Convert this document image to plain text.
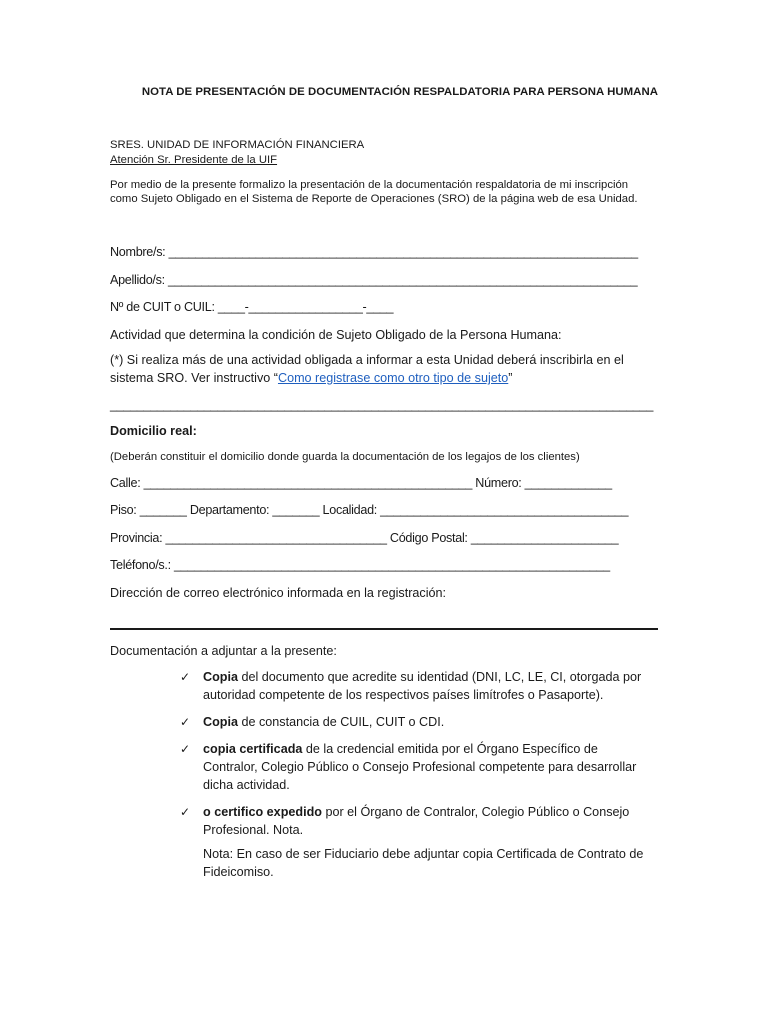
NOTA DE PRESENTACIÓN DE DOCUMENTACIÓN RESPALDATORIA PARA PERSONA HUMANA
SRES. UNIDAD DE INFORMACIÓN FINANCIERA
Atención Sr. Presidente de la UIF
Por medio de la presente formalizo la presentación de la documentación respaldatoria de mi inscripción
como Sujeto Obligado en el Sistema de Reporte de Operaciones (SRO) de la página web de esa Unidad.
Nombre/s: ______________________________________________________________________
Apellido/s: ______________________________________________________________________
Nº de CUIT o CUIL: ____-_________________-____
Actividad que determina la condición de Sujeto Obligado de la Persona Humana:
(*) Si realiza más de una actividad obligada a informar a esta Unidad deberá inscribirla en el
sistema SRO. Ver instructivo “Como registrase como otro tipo de sujeto”
_________________________________________________________________________________
Domicilio real:
(Deberán constituir el domicilio donde guarda la documentación de los legajos de los clientes)
Calle: _________________________________________________ Número: _____________
Piso: _______ Departamento: _______ Localidad: _____________________________________
Provincia: _________________________________ Código Postal: ______________________
Teléfono/s.: _________________________________________________________________
Dirección de correo electrónico informada en la registración:
Documentación a adjuntar a la presente:
✓ Copia del documento que acredite su identidad (DNI, LC, LE, CI, otorgada por
autoridad competente de los respectivos países limítrofes o Pasaporte).
✓ Copia de constancia de CUIL, CUIT o CDI.
✓ copia certificada de la credencial emitida por el Órgano Específico de
Contralor, Colegio Público o Consejo Profesional competente para desarrollar
dicha actividad.
✓ o certifico expedido por el Órgano de Contralor, Colegio Público o Consejo
Profesional. Nota.
Nota: En caso de ser Fiduciario debe adjuntar copia Certificada de Contrato de
Fideicomiso.
